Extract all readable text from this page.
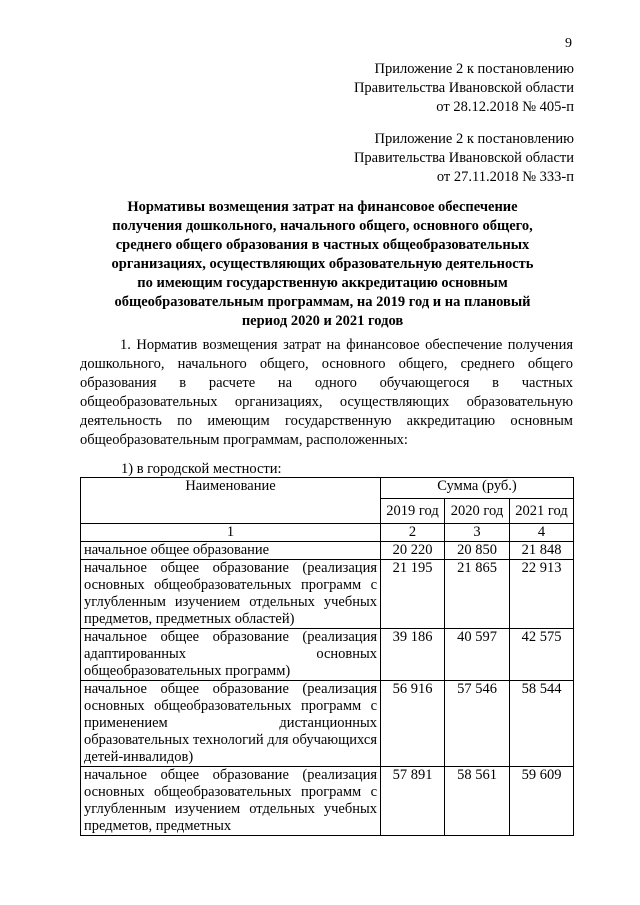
9
Приложение 2 к постановлению
Правительства Ивановской области
от 28.12.2018 № 405-п
Приложение 2 к постановлению
Правительства Ивановской области
от 27.11.2018 № 333-п
Нормативы возмещения затрат на финансовое обеспечение
получения дошкольного, начального общего, основного общего,
среднего общего образования в частных общеобразовательных
организациях, осуществляющих образовательную деятельность
по имеющим государственную аккредитацию основным
общеобразовательным программам, на 2019 год и на плановый
период 2020 и 2021 годов
1. Норматив возмещения затрат на финансовое обеспечение получения дошкольного, начального общего, основного общего, среднего общего образования в расчете на одного обучающегося в частных общеобразовательных организациях, осуществляющих образовательную деятельность по имеющим государственную аккредитацию основным общеобразовательным программам, расположенных:
1) в городской местности:
Наименование	Сумма (руб.)		
	2019 год	2020 год	2021 год
1	2	3	4
начальное общее образование	20 220	20 850	21 848
начальное общее образование (реализация основных общеобразовательных программ с углубленным изучением отдельных учебных предметов, предметных областей)	21 195	21 865	22 913
начальное общее образование (реализация адаптированных основных общеобразовательных программ)	39 186	40 597	42 575
начальное общее образование (реализация основных общеобразовательных программ с применением дистанционных образовательных технологий для обучающихся детей-инвалидов)	56 916	57 546	58 544
начальное общее образование (реализация основных общеобразовательных программ с углубленным изучением отдельных учебных предметов, предметных	57 891	58 561	59 609
